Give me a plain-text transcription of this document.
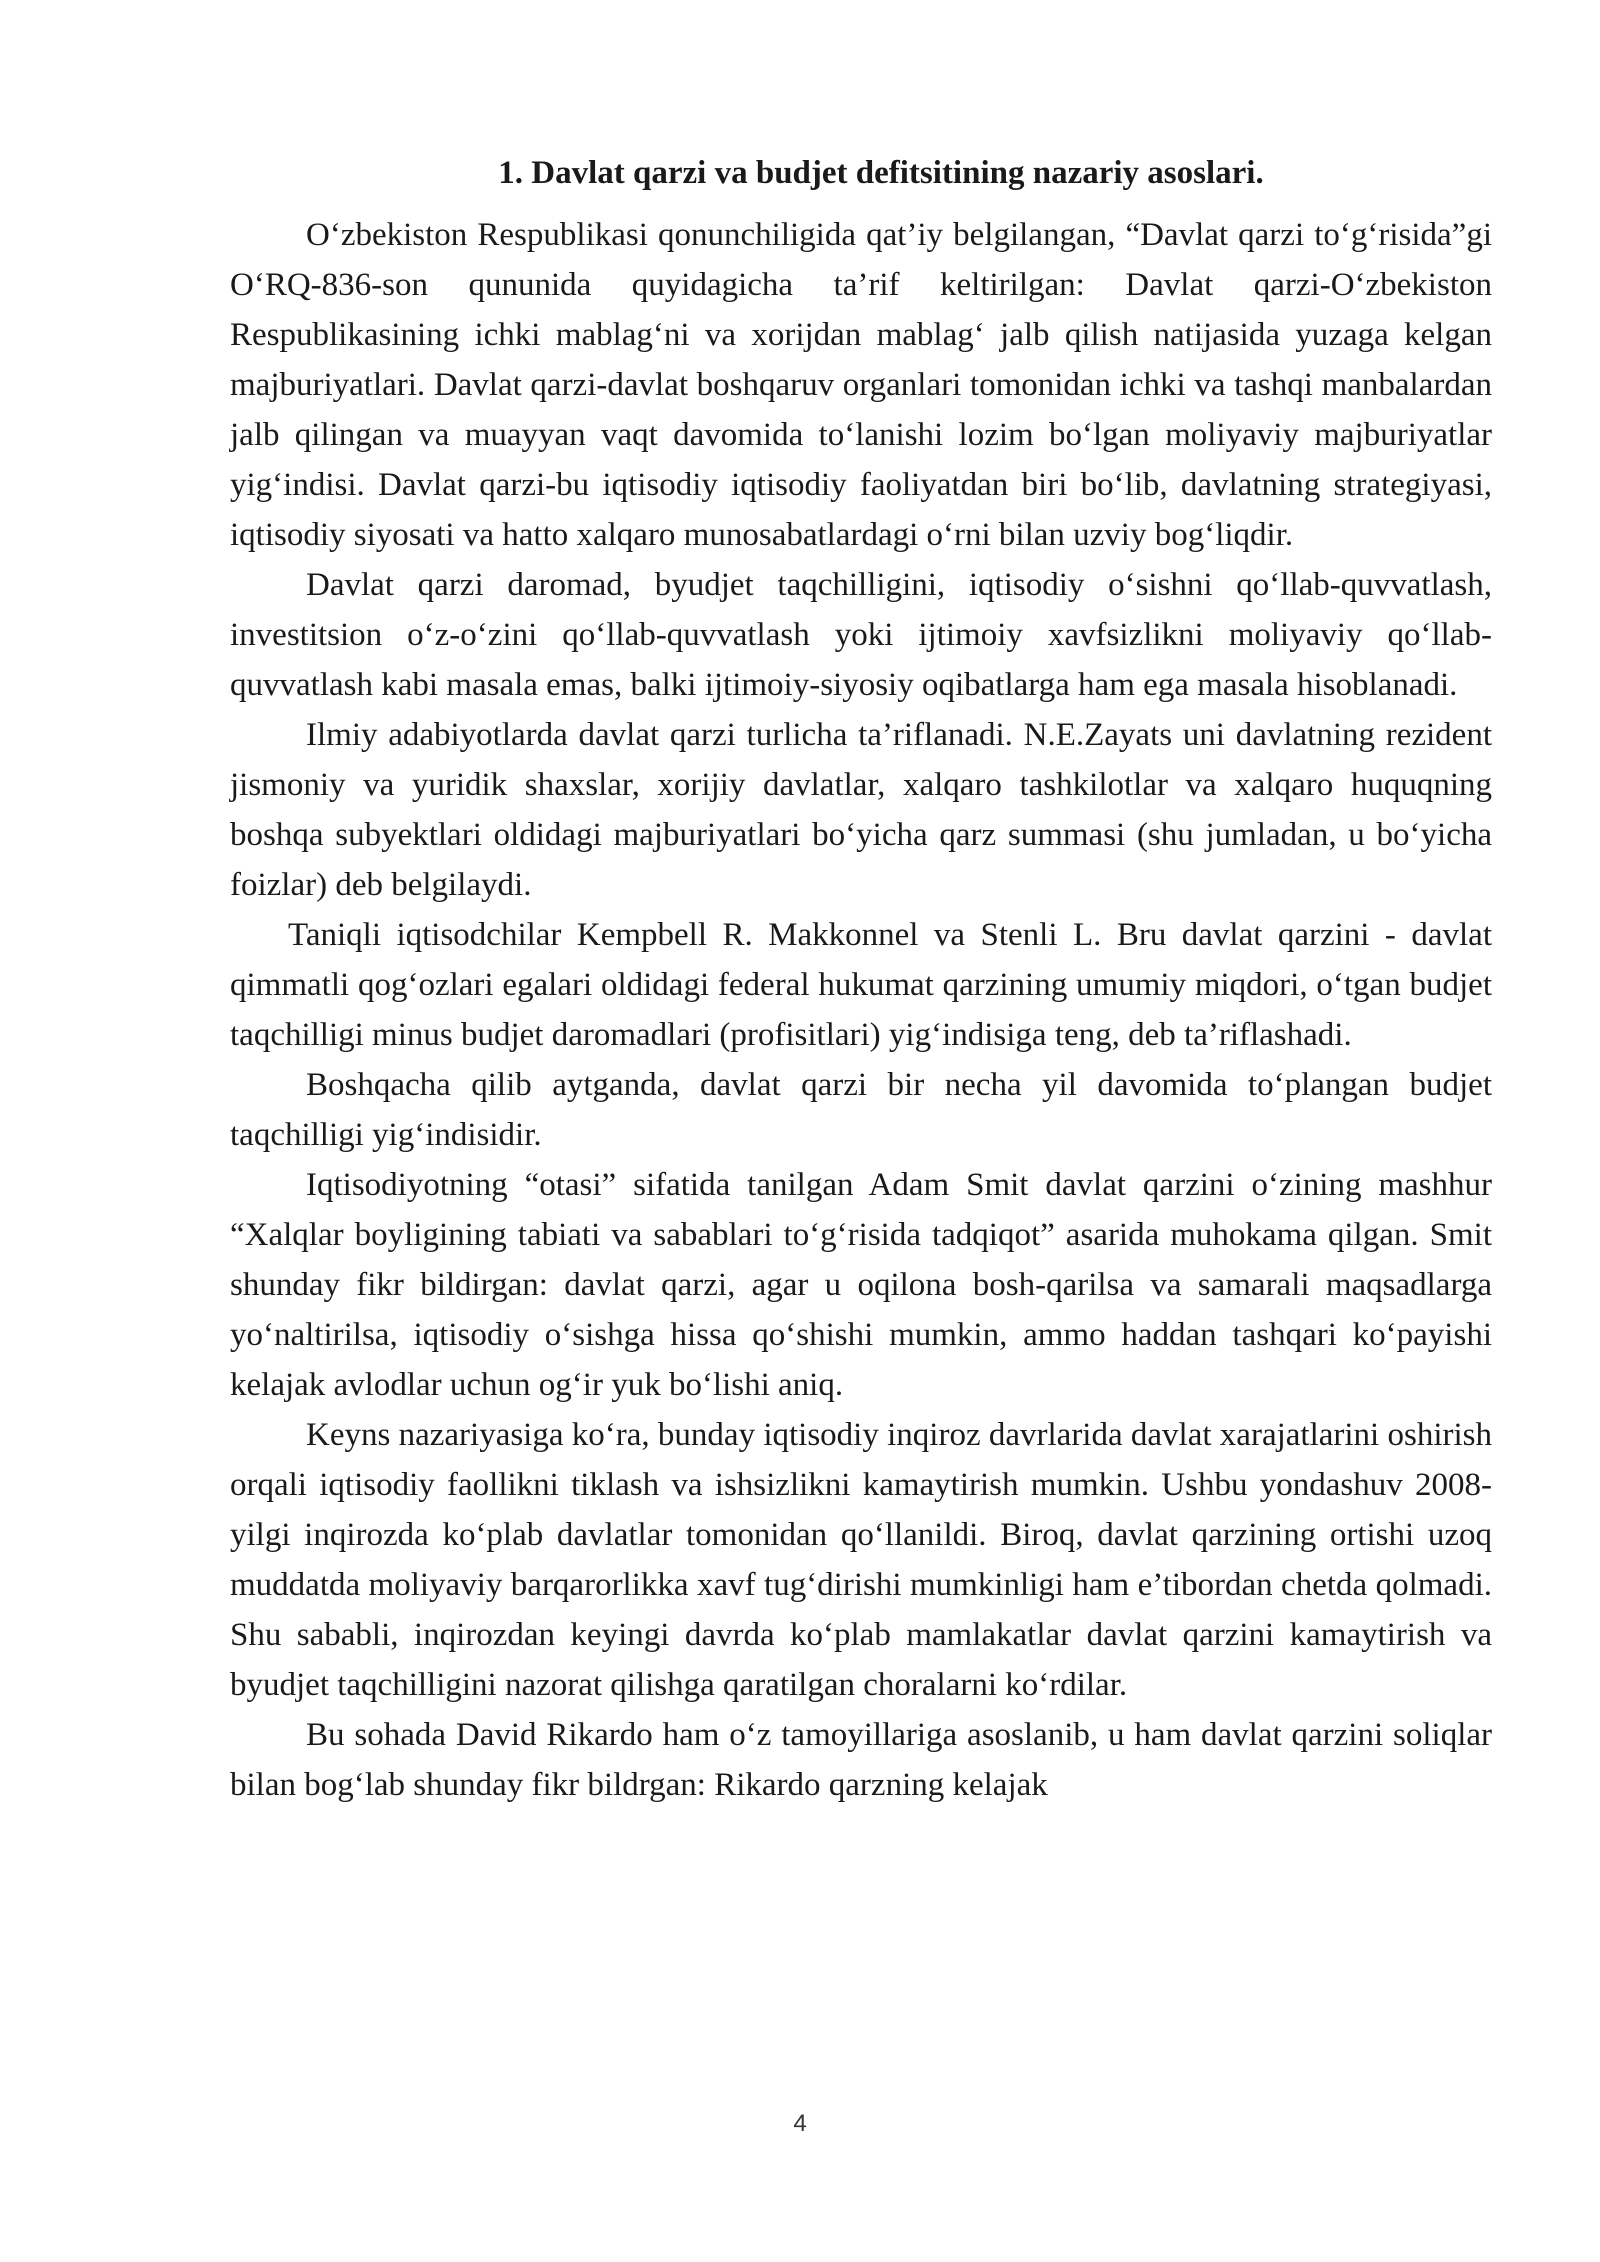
1. Davlat qarzi va budjet defitsitining nazariy asoslari.

O‘zbekiston Respublikasi qonunchiligida qat’iy belgilangan, “Davlat qarzi to‘g‘risida”gi O‘RQ-836-son qununida quyidagicha ta’rif keltirilgan: Davlat qarzi-O‘zbekiston Respublikasining ichki mablag‘ni va xorijdan mablag‘ jalb qilish natijasida yuzaga kelgan majburiyatlari. Davlat qarzi-davlat boshqaruv organlari tomonidan ichki va tashqi manbalardan jalb qilingan va muayyan vaqt davomida to‘lanishi lozim bo‘lgan moliyaviy majburiyatlar yig‘indisi. Davlat qarzi-bu iqtisodiy iqtisodiy faoliyatdan biri bo‘lib, davlatning strategiyasi, iqtisodiy siyosati va hatto xalqaro munosabatlardagi o‘rni bilan uzviy bog‘liqdir.

Davlat qarzi daromad, byudjet taqchilligini, iqtisodiy o‘sishni qo‘llab-quvvatlash, investitsion o‘z-o‘zini qo‘llab-quvvatlash yoki ijtimoiy xavfsizlikni moliyaviy qo‘llab-quvvatlash kabi masala emas, balki ijtimoiy-siyosiy oqibatlarga ham ega masala hisoblanadi.

Ilmiy adabiyotlarda davlat qarzi turlicha ta’riflanadi. N.E.Zayats uni davlatning rezident jismoniy va yuridik shaxslar, xorijiy davlatlar, xalqaro tashkilotlar va xalqaro huquqning boshqa subyektlari oldidagi majburiyatlari bo‘yicha qarz summasi (shu jumladan, u bo‘yicha foizlar) deb belgilaydi.

Taniqli iqtisodchilar Kempbell R. Makkonnel va Stenli L. Bru davlat qarzini - davlat qimmatli qog‘ozlari egalari oldidagi federal hukumat qarzining umumiy miqdori, o‘tgan budjet taqchilligi minus budjet daromadlari (profisitlari) yig‘indisiga teng, deb ta’riflashadi.

Boshqacha qilib aytganda, davlat qarzi bir necha yil davomida to‘plangan budjet taqchilligi yig‘indisidir.

Iqtisodiyotning “otasi” sifatida tanilgan Adam Smit davlat qarzini o‘zining mashhur “Xalqlar boyligining tabiati va sabablari to‘g‘risida tadqiqot” asarida muhokama qilgan. Smit shunday fikr bildirgan: davlat qarzi, agar u oqilona bosh-qarilsa va samarali maqsadlarga yo‘naltirilsa, iqtisodiy o‘sishga hissa qo‘shishi mumkin, ammo haddan tashqari ko‘payishi kelajak avlodlar uchun og‘ir yuk bo‘lishi aniq.

Keyns nazariyasiga ko‘ra, bunday iqtisodiy inqiroz davrlarida davlat xarajatlarini oshirish orqali iqtisodiy faollikni tiklash va ishsizlikni kamaytirish mumkin. Ushbu yondashuv 2008-yilgi inqirozda ko‘plab davlatlar tomonidan qo‘llanildi. Biroq, davlat qarzining ortishi uzoq muddatda moliyaviy barqarorlikka xavf tug‘dirishi mumkinligi ham e’tibordan chetda qolmadi. Shu sababli, inqirozdan keyingi davrda ko‘plab mamlakatlar davlat qarzini kamaytirish va byudjet taqchilligini nazorat qilishga qaratilgan choralarni ko‘rdilar.

Bu sohada David Rikardo ham o‘z tamoyillariga asoslanib, u ham davlat qarzini soliqlar bilan bog‘lab shunday fikr bildrgan: Rikardo qarzning kelajak

4
